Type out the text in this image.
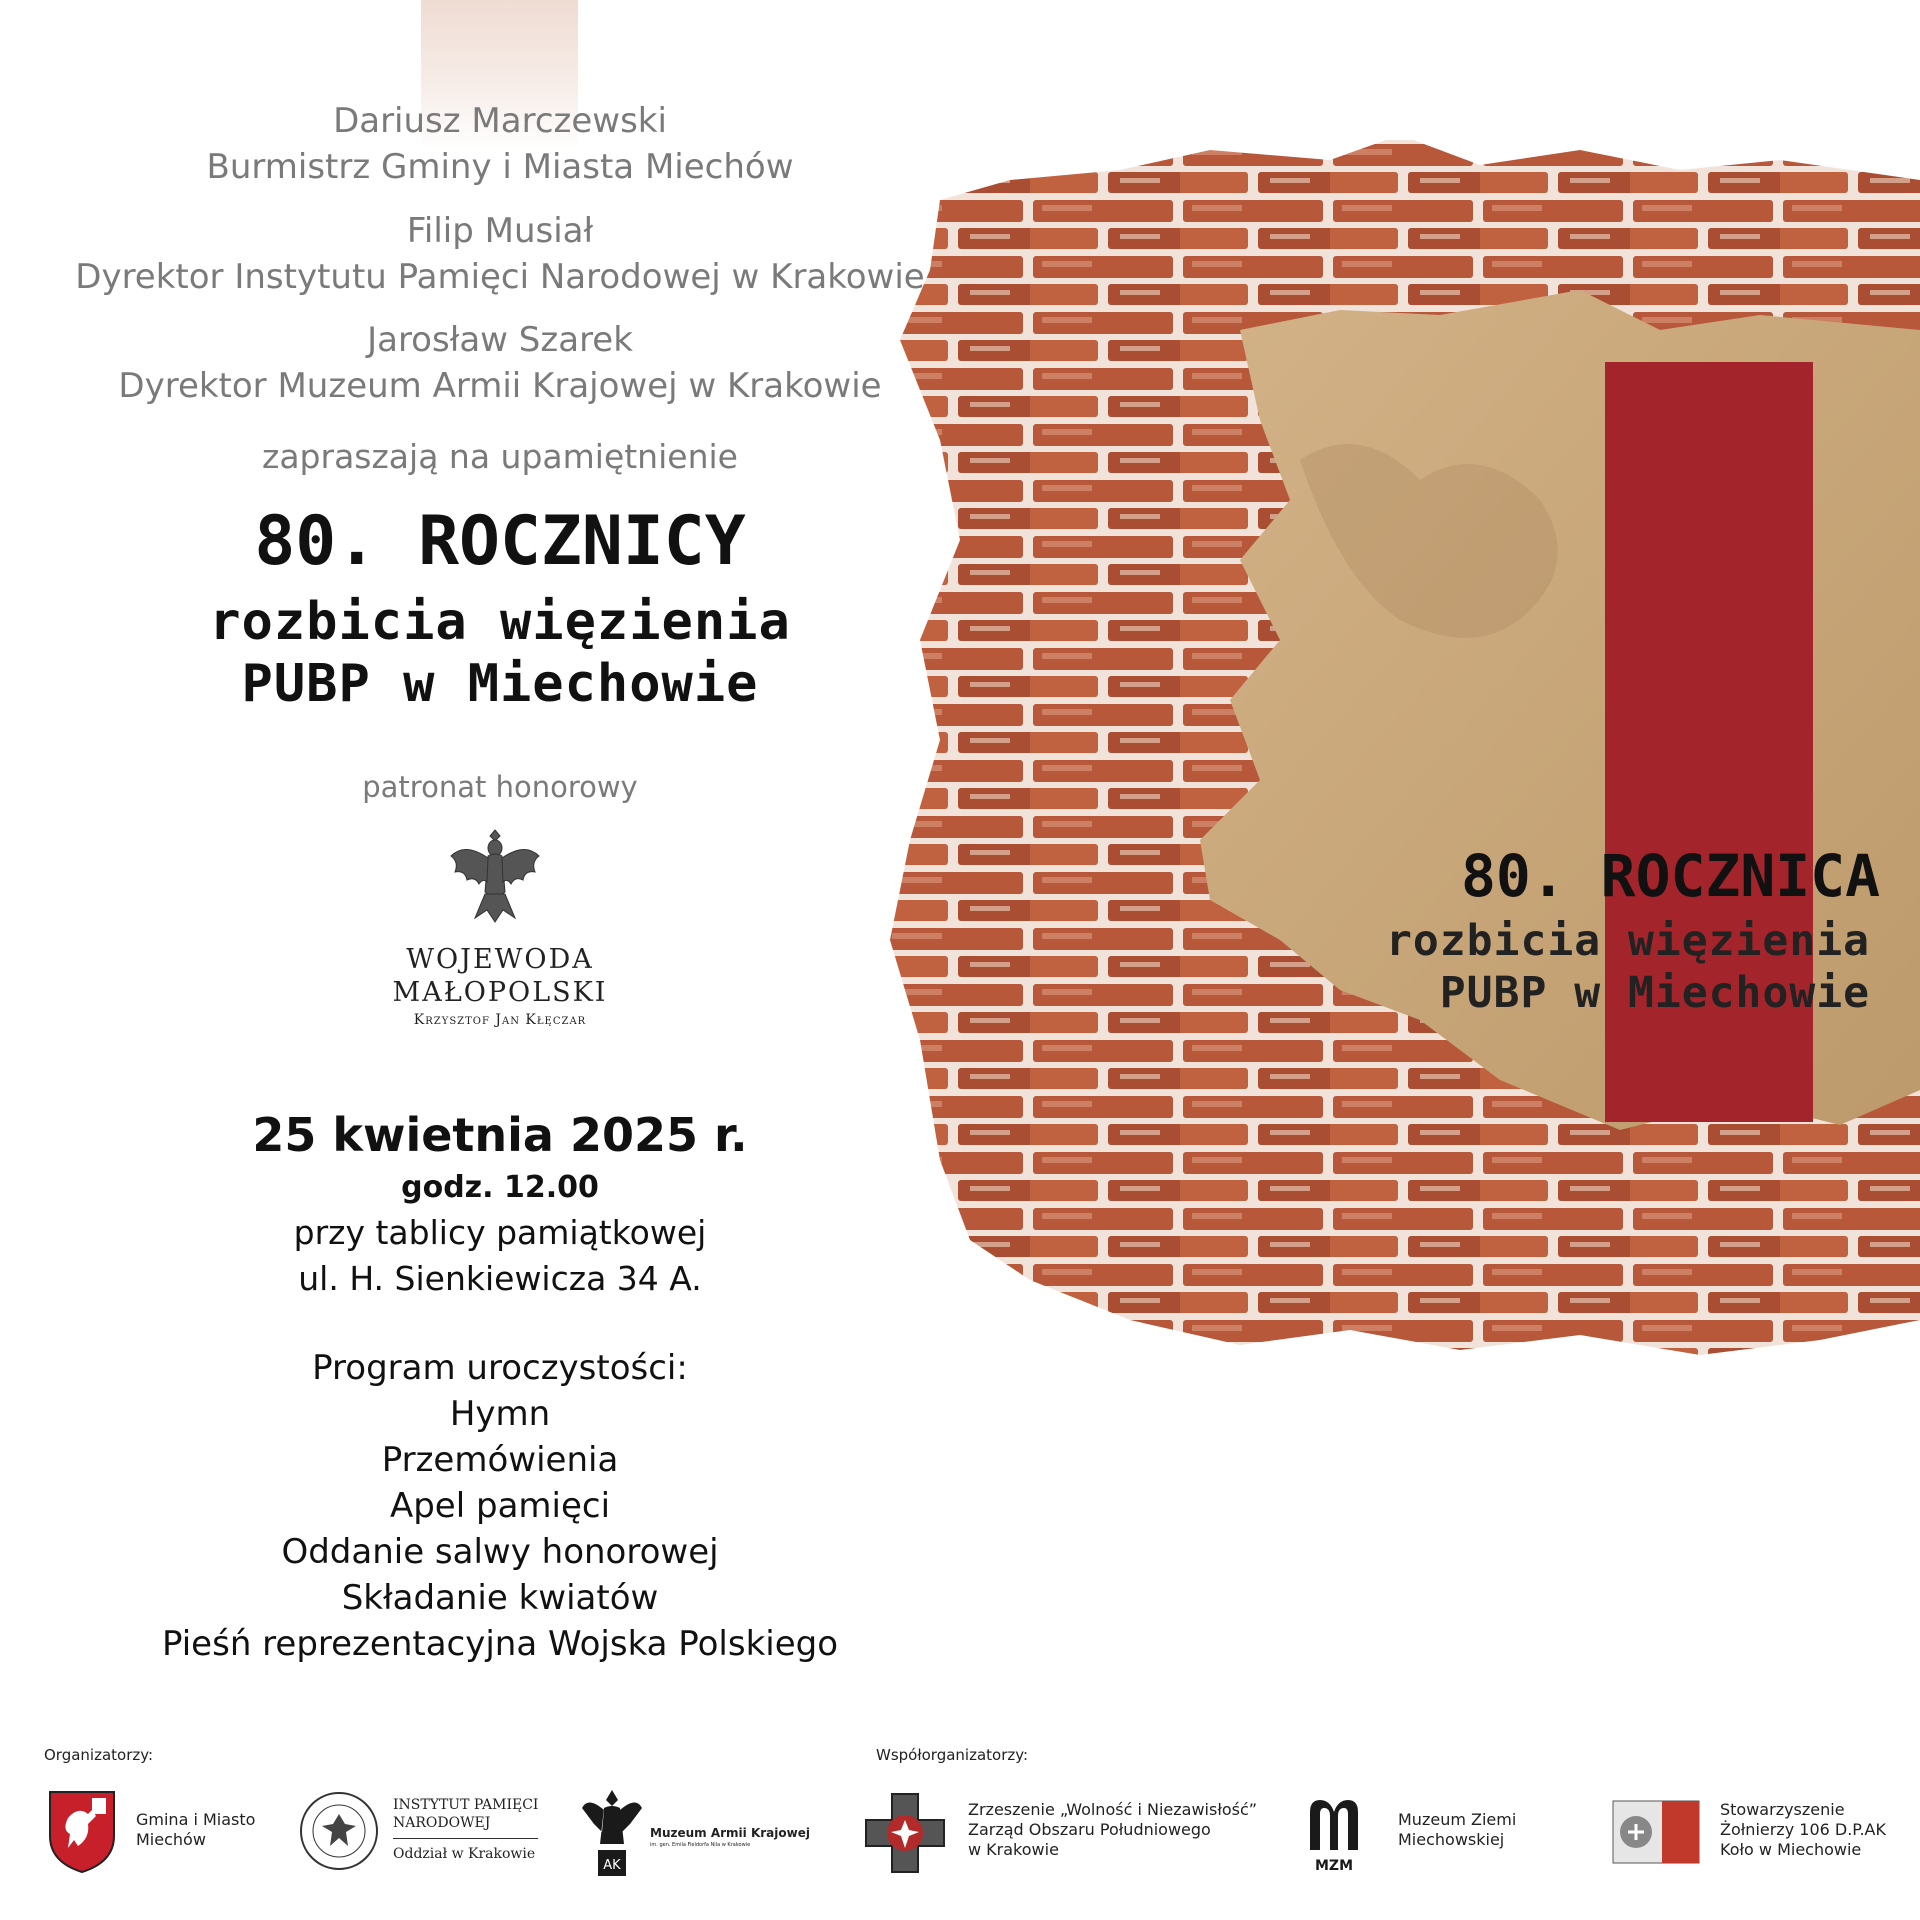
Dariusz Marczewski
Burmistrz Gminy i Miasta Miechów
Filip Musiał
Dyrektor Instytutu Pamięci Narodowej w Krakowie
Jarosław Szarek
Dyrektor Muzeum Armii Krajowej w Krakowie
zapraszają na upamiętnienie
80. ROCZNICY
rozbicia więzienia
PUBP w Miechowie
patronat honorowy
WOJEWODA
MAŁOPOLSKI
Krzysztof Jan Kłęczar
25 kwietnia 2025 r.
godz. 12.00
przy tablicy pamiątkowej
ul. H. Sienkiewicza 34 A.
Program uroczystości:
Hymn
Przemówienia
Apel pamięci
Oddanie salwy honorowej
Składanie kwiatów
Pieśń reprezentacyjna Wojska Polskiego
80. ROCZNICA
rozbicia więzienia
PUBP w Miechowie
Organizatorzy:	Współorganizatorzy:
Gmina i Miasto
Miechów
INSTYTUT PAMIĘCI
NARODOWEJ
Oddział w Krakowie
AK
Muzeum Armii Krajowej
im. gen. Emila Fieldorfa Nila w Krakowie
Zrzeszenie „Wolność i Niezawisłość”
Zarząd Obszaru Południowego
w Krakowie
MZM
Muzeum Ziemi
Miechowskiej
Stowarzyszenie
Żołnierzy 106 D.P.AK
Koło w Miechowie
